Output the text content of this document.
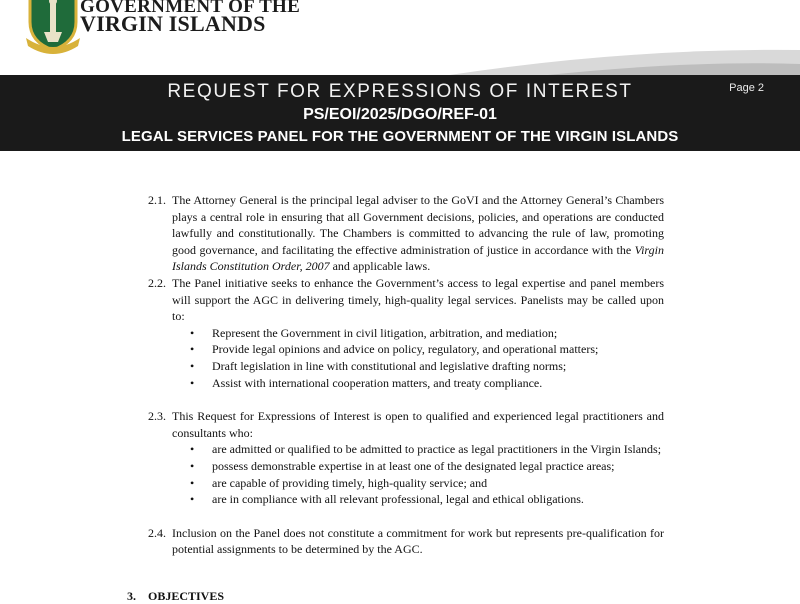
GOVERNMENT OF THE
VIRGIN ISLANDS
REQUEST FOR EXPRESSIONS OF INTEREST
PS/EOI/2025/DGO/REF-01
LEGAL SERVICES PANEL FOR THE GOVERNMENT OF THE VIRGIN ISLANDS
Page 2

2.1. The Attorney General is the principal legal adviser to the GoVI and the Attorney General’s Chambers plays a central role in ensuring that all Government decisions, policies, and operations are conducted lawfully and constitutionally. The Chambers is committed to advancing the rule of law, promoting good governance, and facilitating the effective administration of justice in accordance with the Virgin Islands Constitution Order, 2007 and applicable laws.

2.2. The Panel initiative seeks to enhance the Government’s access to legal expertise and panel members will support the AGC in delivering timely, high-quality legal services. Panelists may be called upon to:

• Represent the Government in civil litigation, arbitration, and mediation;
• Provide legal opinions and advice on policy, regulatory, and operational matters;
• Draft legislation in line with constitutional and legislative drafting norms;
• Assist with international cooperation matters, and treaty compliance.

2.3. This Request for Expressions of Interest is open to qualified and experienced legal practitioners and consultants who:

• are admitted or qualified to be admitted to practice as legal practitioners in the Virgin Islands;
• possess demonstrable expertise in at least one of the designated legal practice areas;
• are capable of providing timely, high-quality service; and
• are in compliance with all relevant professional, legal and ethical obligations.

2.4. Inclusion on the Panel does not constitute a commitment for work but represents pre-qualification for potential assignments to be determined by the AGC.

3. OBJECTIVES
